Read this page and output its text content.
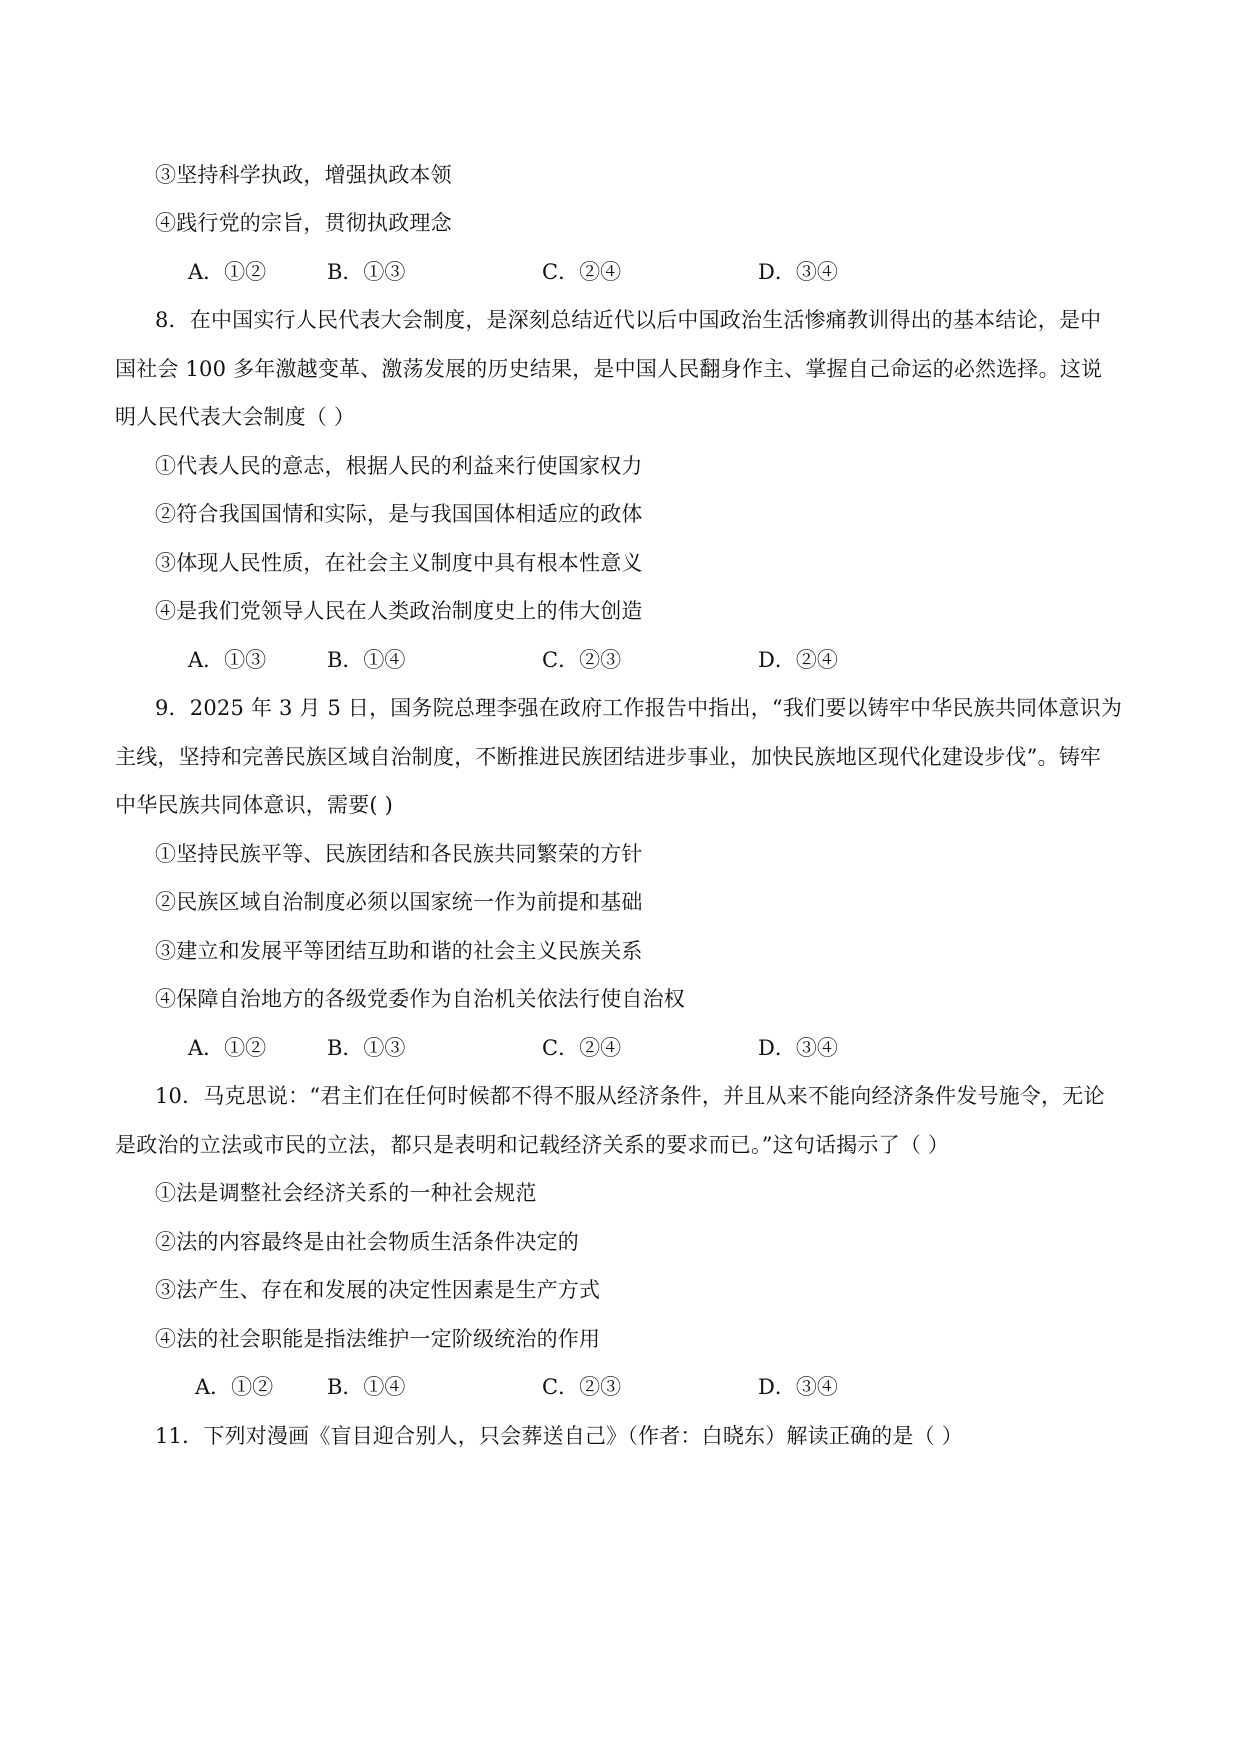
③坚持科学执政，增强执政本领
④践行党的宗旨，贯彻执政理念
A．①②	B．①③	C．②④	D．③④
8．在中国实行人民代表大会制度，是深刻总结近代以后中国政治生活惨痛教训得出的基本结论，是中
国社会 100 多年激越变革、激荡发展的历史结果，是中国人民翻身作主、掌握自己命运的必然选择。这说
明人民代表大会制度（ ）
①代表人民的意志，根据人民的利益来行使国家权力
②符合我国国情和实际，是与我国国体相适应的政体
③体现人民性质，在社会主义制度中具有根本性意义
④是我们党领导人民在人类政治制度史上的伟大创造
A．①③	B．①④	C．②③	D．②④
9．2025 年 3 月 5 日，国务院总理李强在政府工作报告中指出，“我们要以铸牢中华民族共同体意识为
主线，坚持和完善民族区域自治制度，不断推进民族团结进步事业，加快民族地区现代化建设步伐”。铸牢
中华民族共同体意识，需要( )
①坚持民族平等、民族团结和各民族共同繁荣的方针
②民族区域自治制度必须以国家统一作为前提和基础
③建立和发展平等团结互助和谐的社会主义民族关系
④保障自治地方的各级党委作为自治机关依法行使自治权
A．①②	B．①③	C．②④	D．③④
10．马克思说：“君主们在任何时候都不得不服从经济条件，并且从来不能向经济条件发号施令，无论
是政治的立法或市民的立法，都只是表明和记载经济关系的要求而已。”这句话揭示了（ ）
①法是调整社会经济关系的一种社会规范
②法的内容最终是由社会物质生活条件决定的
③法产生、存在和发展的决定性因素是生产方式
④法的社会职能是指法维护一定阶级统治的作用
A．①②	B．①④	C．②③	D．③④
11．下列对漫画《盲目迎合别人，只会葬送自己》（作者：白晓东）解读正确的是（ ）
